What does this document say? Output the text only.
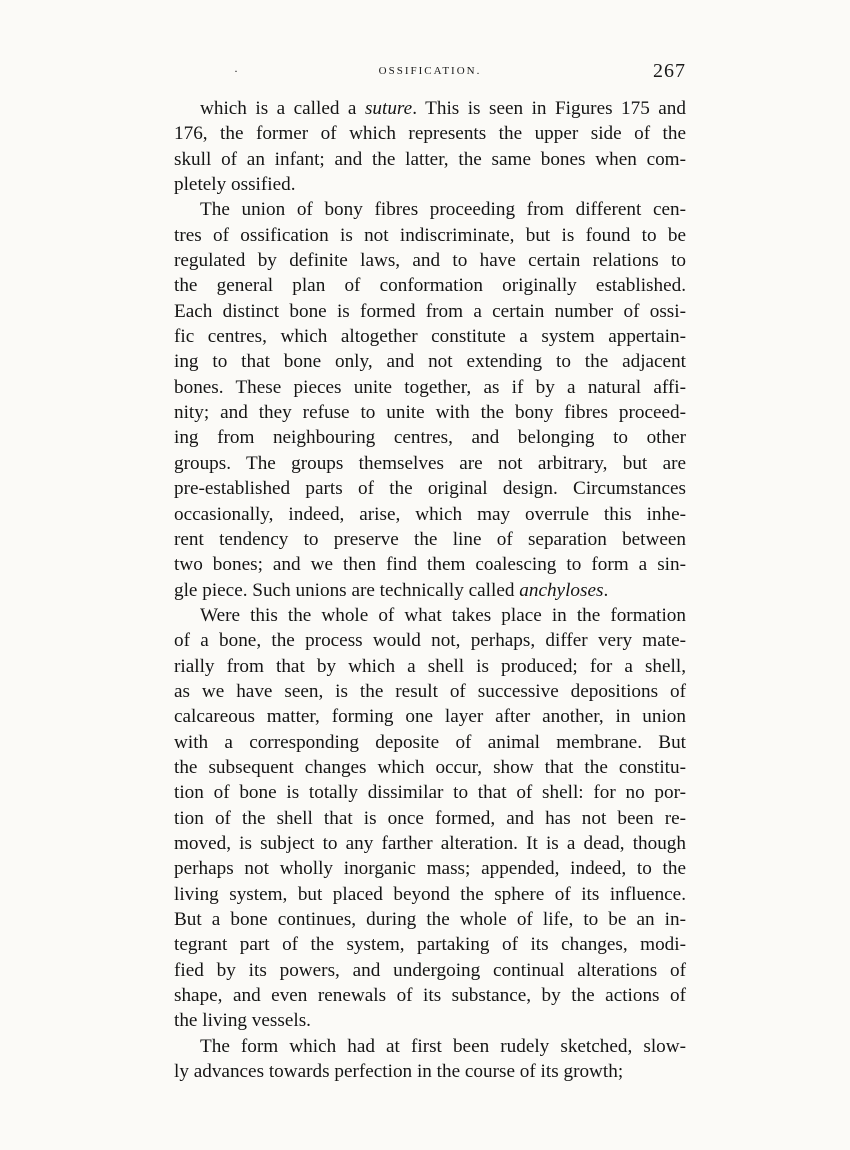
·	OSSIFICATION.	267

which is a called a suture. This is seen in Figures 175 and
176, the former of which represents the upper side of the
skull of an infant; and the latter, the same bones when com-
pletely ossified.

The union of bony fibres proceeding from different cen-
tres of ossification is not indiscriminate, but is found to be
regulated by definite laws, and to have certain relations to
the general plan of conformation originally established.
Each distinct bone is formed from a certain number of ossi-
fic centres, which altogether constitute a system appertain-
ing to that bone only, and not extending to the adjacent
bones. These pieces unite together, as if by a natural affi-
nity; and they refuse to unite with the bony fibres proceed-
ing from neighbouring centres, and belonging to other
groups. The groups themselves are not arbitrary, but are
pre-established parts of the original design. Circumstances
occasionally, indeed, arise, which may overrule this inhe-
rent tendency to preserve the line of separation between
two bones; and we then find them coalescing to form a sin-
gle piece. Such unions are technically called anchyloses.

Were this the whole of what takes place in the formation
of a bone, the process would not, perhaps, differ very mate-
rially from that by which a shell is produced; for a shell,
as we have seen, is the result of successive depositions of
calcareous matter, forming one layer after another, in union
with a corresponding deposite of animal membrane. But
the subsequent changes which occur, show that the constitu-
tion of bone is totally dissimilar to that of shell: for no por-
tion of the shell that is once formed, and has not been re-
moved, is subject to any farther alteration. It is a dead, though
perhaps not wholly inorganic mass; appended, indeed, to the
living system, but placed beyond the sphere of its influence.
But a bone continues, during the whole of life, to be an in-
tegrant part of the system, partaking of its changes, modi-
fied by its powers, and undergoing continual alterations of
shape, and even renewals of its substance, by the actions of
the living vessels.

The form which had at first been rudely sketched, slow-
ly advances towards perfection in the course of its growth;
